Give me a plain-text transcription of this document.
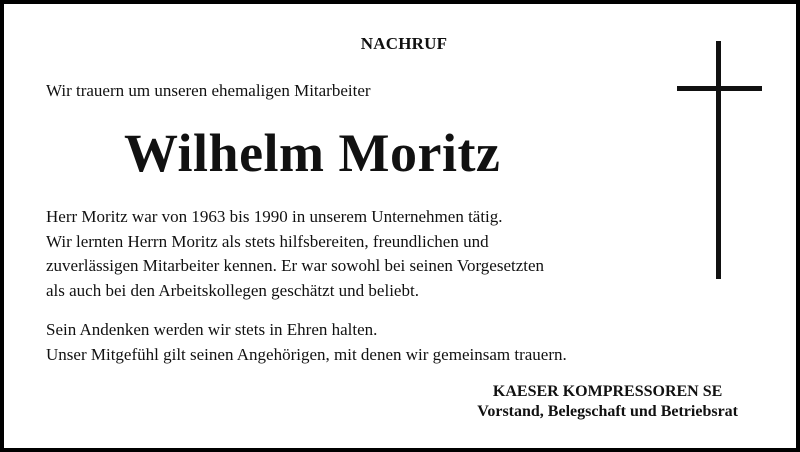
NACHRUF
Wir trauern um unseren ehemaligen Mitarbeiter
Wilhelm Moritz
Herr Moritz war von 1963 bis 1990 in unserem Unternehmen tätig.
Wir lernten Herrn Moritz als stets hilfsbereiten, freundlichen und
zuverlässigen Mitarbeiter kennen. Er war sowohl bei seinen Vorgesetzten
als auch bei den Arbeitskollegen geschätzt und beliebt.
Sein Andenken werden wir stets in Ehren halten.
Unser Mitgefühl gilt seinen Angehörigen, mit denen wir gemeinsam trauern.
KAESER KOMPRESSOREN SE
Vorstand, Belegschaft und Betriebsrat
